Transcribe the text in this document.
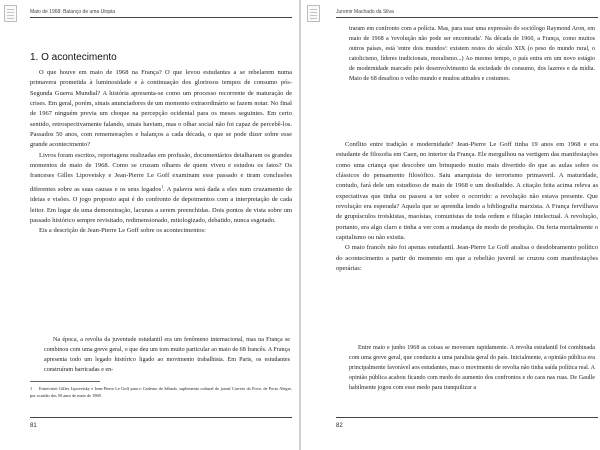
Maio de 1968: Balanço de uma Utopia
1. O acontecimento

O que houve em maio de 1968 na França? O que levou estudantes a se rebelarem numa primavera prometida à luminosidade e à continuação dos gloriosos tempos de consumo pós-Segunda Guerra Mundial? A história apresenta-se como um processo recorrente de maturação de crises. Em geral, porém, sinais anunciadores de um momento extraordinário se fazem notar. No final de 1967 ninguém previa um choque na percepção ocidental para os meses seguintes. Em certo sentido, retrospectivamente falando, sinais haviam, mas o olhar social não foi capaz de percebê-los. Passados 50 anos, com rememorações e balanços a cada década, o que se pode dizer sobre esse grande acontecimento?

Livros foram escritos, reportagens realizadas em profusão, documentários detalharam os grandes momentos de maio de 1968. Como se cruzam olhares de quem viveu e estudou os fatos? Os franceses Gilles Lipovetsky e Jean-Pierre Le Goff examinam esse passado e tiram conclusões diferentes sobre as suas causas e os seus legados$^1$. A palavra será dada a eles num cruzamento de ideias e visões. O jogo proposto aqui é do confronto de depoimentos com a interpretação de cada leitor. Em lugar de uma demonstração, lacunas a serem preenchidas. Dois pontos de vista sobre um passado histórico sempre revisitado, redimensionado, mitologizado, debatido, nunca esgotado.

Eis a descrição de Jean-Pierre Le Goff sobre os acontecimentos:

Na época, a revolta da juventude estudantil era um fenômeno internacional, mas na França se combinou com uma greve geral, o que deu um tom muito particular ao maio de 68 francês. A França apresenta todo um legado histórico ligado ao movimento trabalhista. Em Paris, os estudantes construíram barricadas e en-

1 Entrevistei Gilles Lipovetsky e Jean-Pierre Le Goff para o Caderno de Sábado, suplemento cultural do jornal Correio do Povo, de Porto Alegre, por ocasião dos 50 anos de maio de 1968.
81
Juremir Machado da Silva

traram em confronto com a polícia. Mas, para usar uma expressão do sociólogo Raymond Aron, em maio de 1968 a 'revolução não pode ser encontrada'. Na década de 1960, a França, como muitos outros países, está 'entre dois mundos': existem restos do século XIX (o peso do mundo rural, o catolicismo, líderes tradicionais, moralismo...) Ao mesmo tempo, o país entra em um novo estágio de modernidade marcado pelo desenvolvimento da sociedade do consumo, dos lazeres e da mídia. Maio de 68 desafiou o velho mundo e mudou atitudes e costumes.

Conflito entre tradição e modernidade? Jean-Pierre Le Goff tinha 19 anos em 1968 e era estudante de filosofia em Caen, no interior da França. Ele mergulhou na vertigem das manifestações como uma criança que descobre um brinquedo muito mais divertido do que as aulas sobre os clássicos do pensamento filosófico. Saiu anarquista do terrorismo primaveril. A maturidade, contudo, fará dele um estudioso de maio de 1968 e um desiludido. A citação feita acima releva as expectativas que tinha ou passou a ter sobre o ocorrido: a revolução não estava presente. Que revolução era esperada? Aquela que se aprendia lendo a bibliografia marxista. A França fervilhava de grupúsculos trotskistas, maoístas, comunistas de toda ordem e filiação intelectual. A revolução, portanto, era algo claro e tinha a ver com a mudança de modo de produção. Ou feria mortalmente o capitalismo ou não existia.

O maio francês não foi apenas estudantil. Jean-Pierre Le Goff analisa o desdobramento político do acontecimento a partir do momento em que a rebelião juvenil se cruzou com manifestações operárias:

Entre maio e junho 1968 as coisas se moveram rapidamente. A revolta estudantil foi combinada com uma greve geral, que conduziu a uma paralisia geral do país. Inicialmente, a opinião pública era principalmente favorável aos estudantes, mas o movimento de revolta não tinha saída política real. A opinião pública acabou ficando com medo do aumento dos confrontos e do caos nas ruas. De Gaulle habilmente jogou com esse medo para tranquilizar a

82
